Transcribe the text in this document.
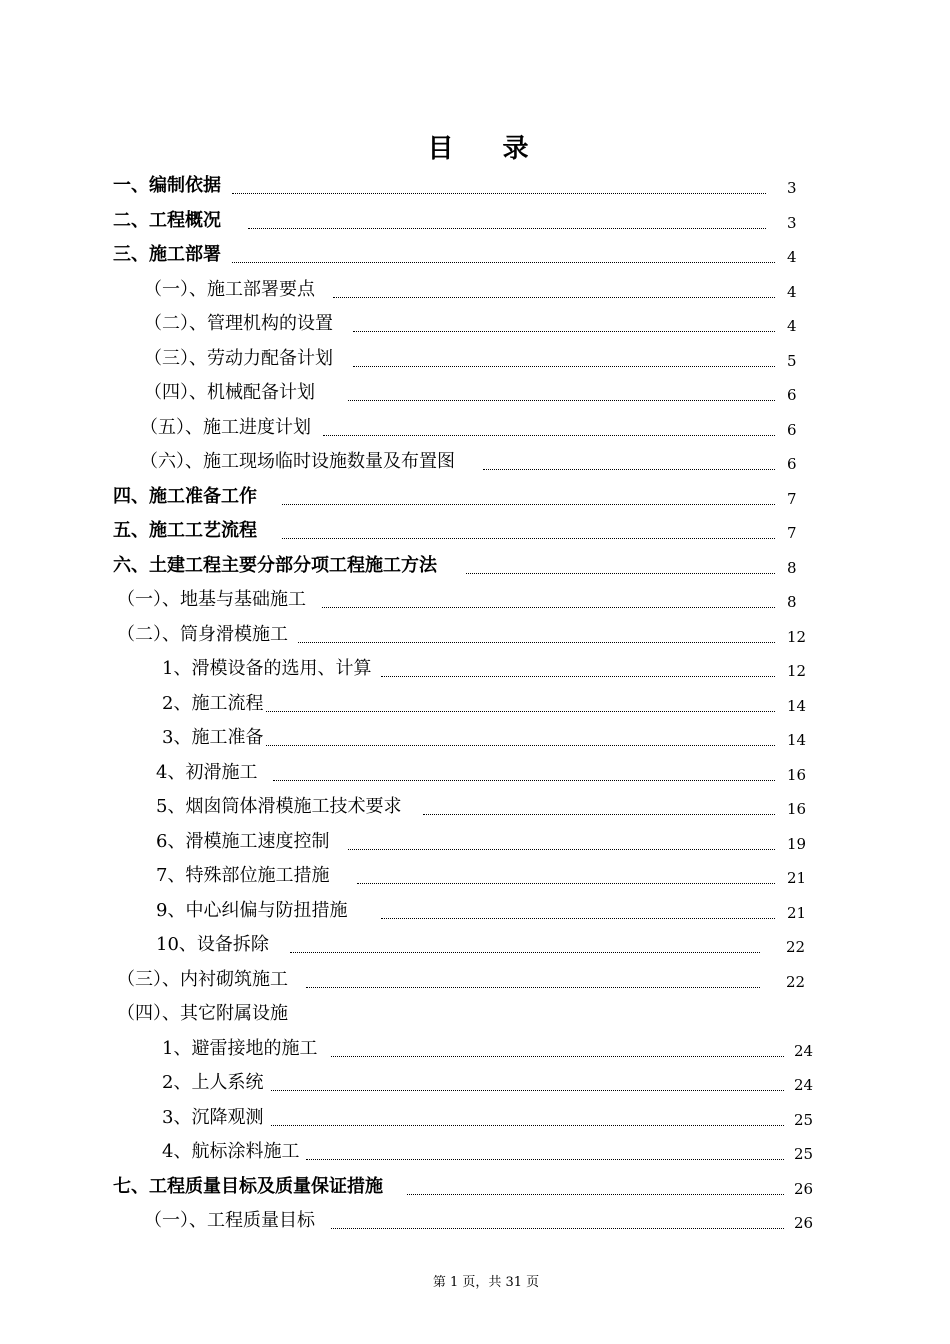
目 录
一、编制依据	3
二、工程概况	3
三、施工部署	4
（一）、施工部署要点	4
（二）、管理机构的设置	4
（三）、劳动力配备计划	5
（四）、机械配备计划	6
（五）、施工进度计划	6
（六）、施工现场临时设施数量及布置图	6
四、施工准备工作	7
五、施工工艺流程	7
六、土建工程主要分部分项工程施工方法	8
（一）、地基与基础施工	8
（二）、筒身滑模施工	12
1、滑模设备的选用、计算	12
2、施工流程	14
3、施工准备	14
4、初滑施工	16
5、烟囱筒体滑模施工技术要求	16
6、滑模施工速度控制	19
7、特殊部位施工措施	21
9、中心纠偏与防扭措施	21
10、设备拆除	22
（三）、内衬砌筑施工	22
（四）、其它附属设施
1、避雷接地的施工	24
2、上人系统	24
3、沉降观测	25
4、航标涂料施工	25
七、工程质量目标及质量保证措施	26
（一）、工程质量目标	26
第 1 页，共 31 页
